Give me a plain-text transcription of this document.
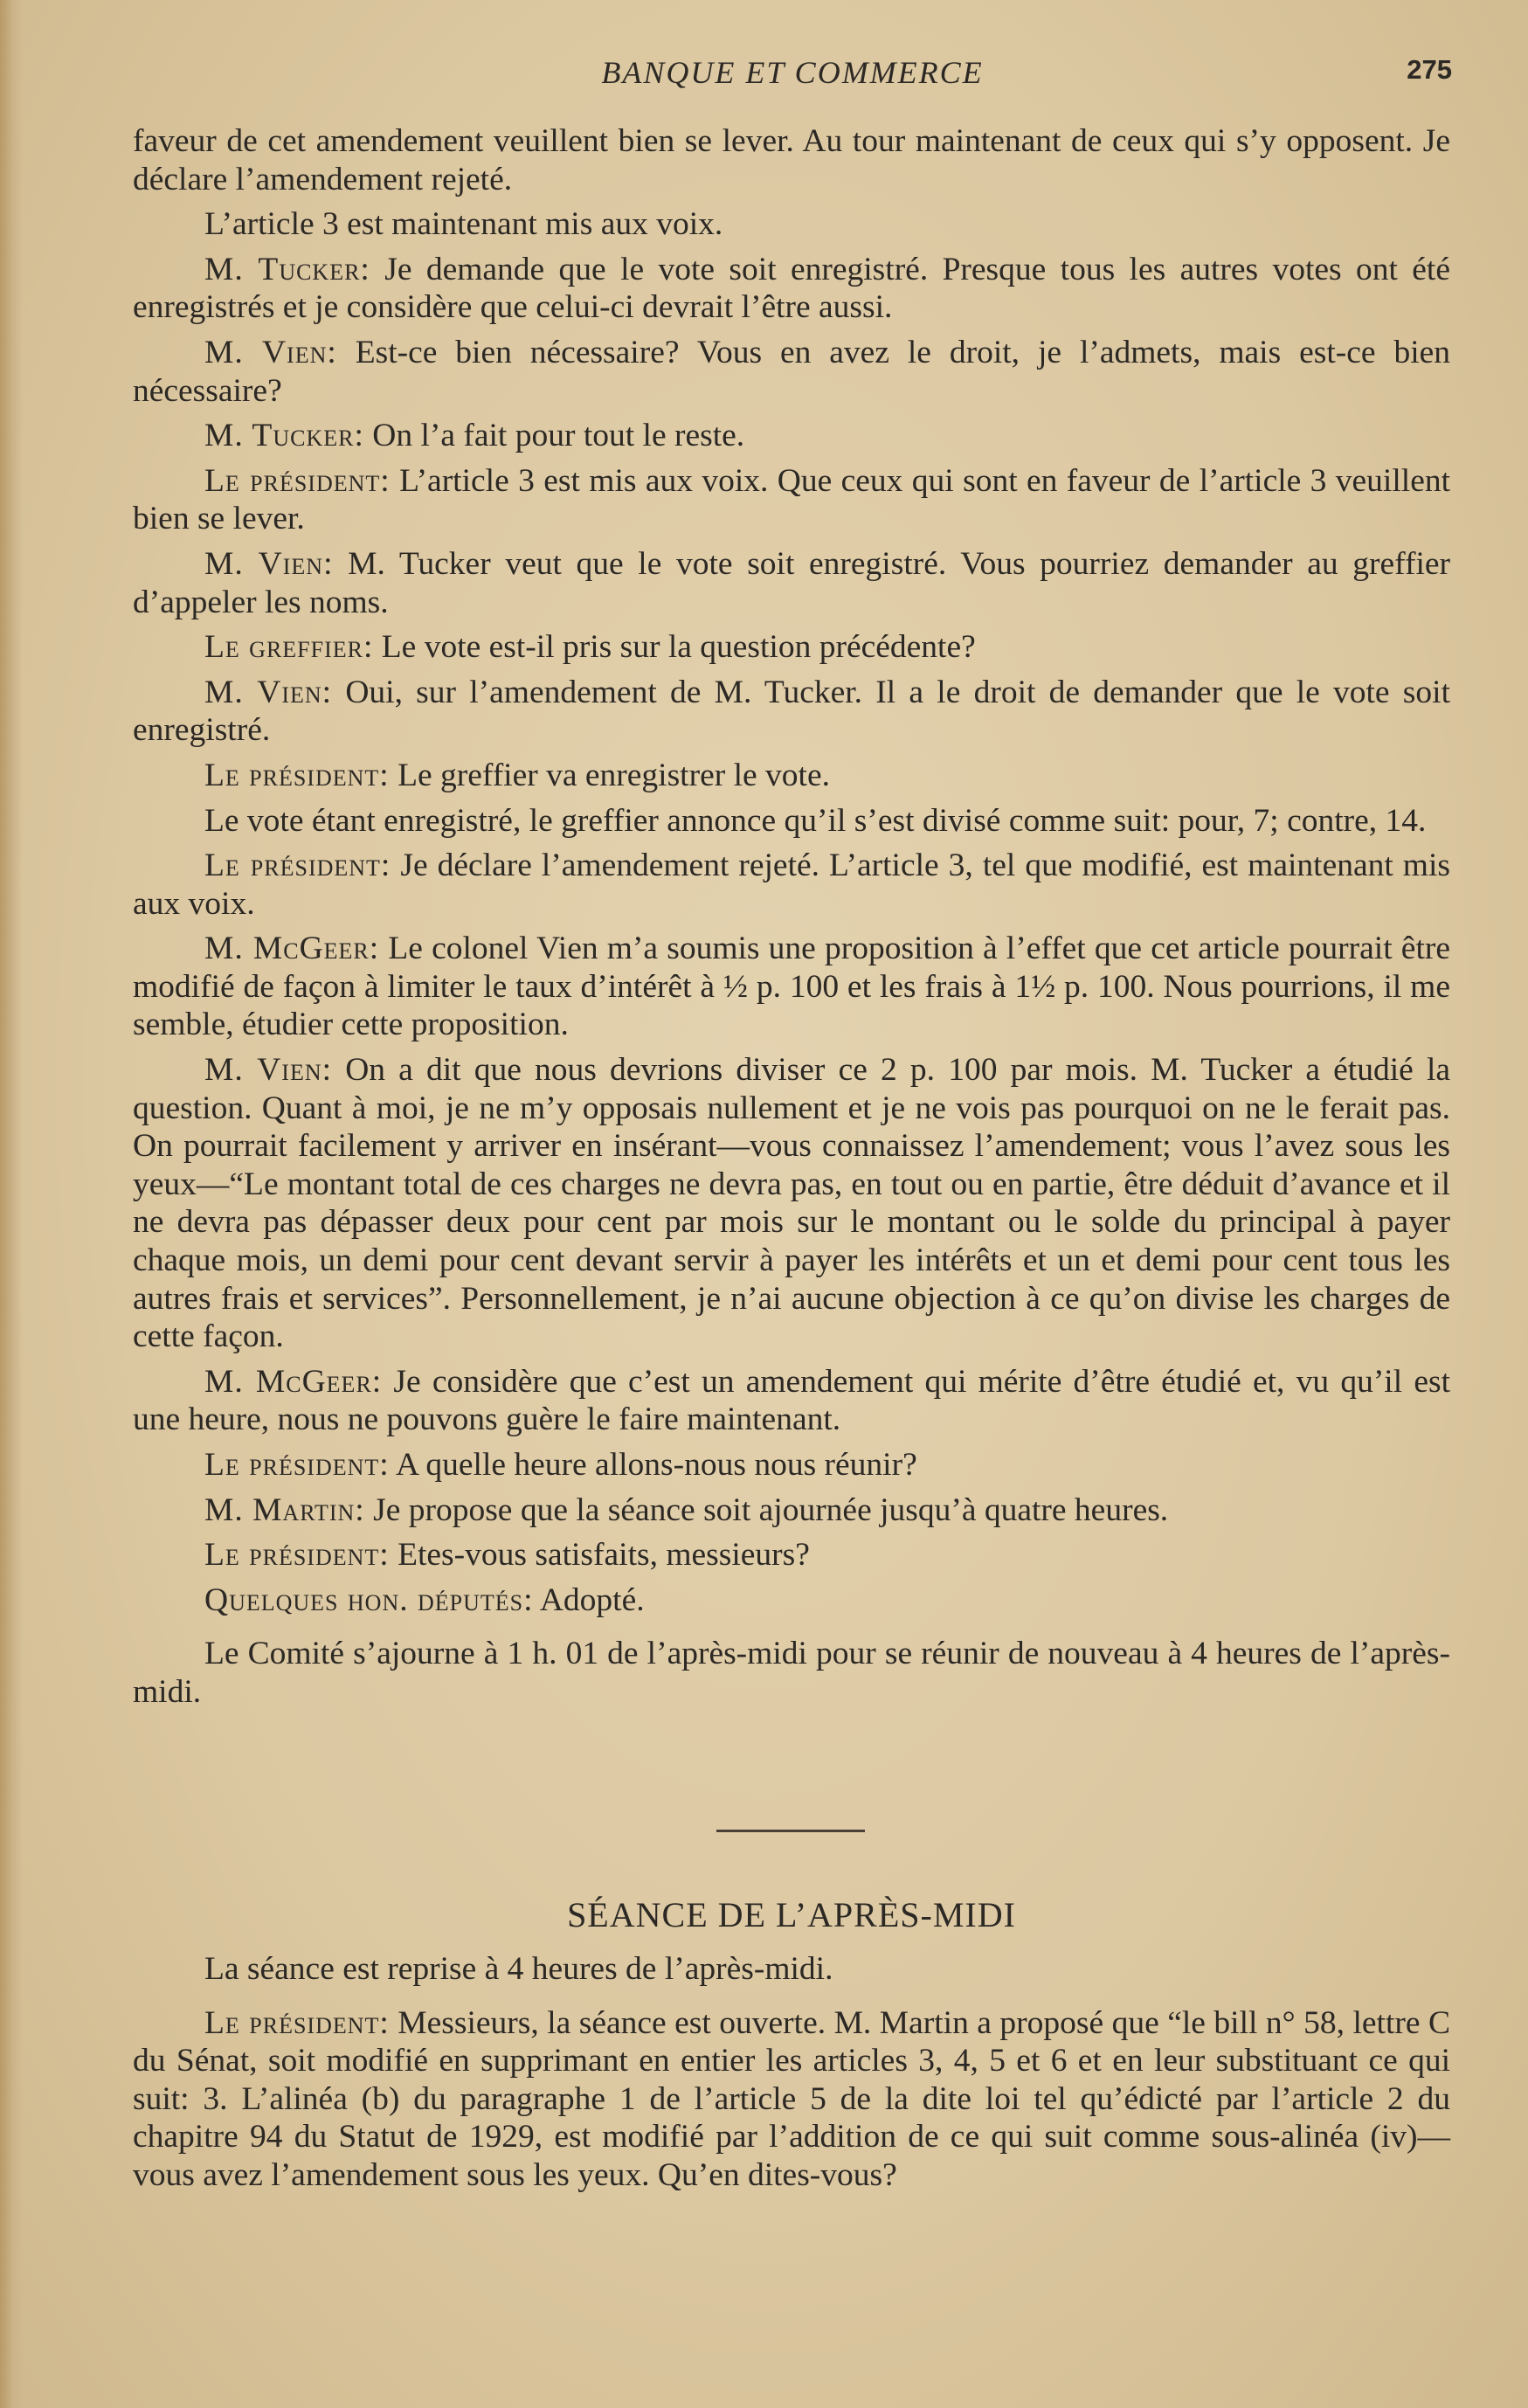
BANQUE ET COMMERCE	275

faveur de cet amendement veuillent bien se lever. Au tour maintenant de ceux qui s’y opposent. Je déclare l’amendement rejeté.

L’article 3 est maintenant mis aux voix.

M. Tucker: Je demande que le vote soit enregistré. Presque tous les autres votes ont été enregistrés et je considère que celui-ci devrait l’être aussi.

M. Vien: Est-ce bien nécessaire? Vous en avez le droit, je l’admets, mais est-ce bien nécessaire?

M. Tucker: On l’a fait pour tout le reste.

Le président: L’article 3 est mis aux voix. Que ceux qui sont en faveur de l’article 3 veuillent bien se lever.

M. Vien: M. Tucker veut que le vote soit enregistré. Vous pourriez demander au greffier d’appeler les noms.

Le greffier: Le vote est-il pris sur la question précédente?

M. Vien: Oui, sur l’amendement de M. Tucker. Il a le droit de demander que le vote soit enregistré.

Le président: Le greffier va enregistrer le vote.

Le vote étant enregistré, le greffier annonce qu’il s’est divisé comme suit: pour, 7; contre, 14.

Le président: Je déclare l’amendement rejeté. L’article 3, tel que modifié, est maintenant mis aux voix.

M. McGeer: Le colonel Vien m’a soumis une proposition à l’effet que cet article pourrait être modifié de façon à limiter le taux d’intérêt à ½ p. 100 et les frais à 1½ p. 100. Nous pourrions, il me semble, étudier cette proposition.

M. Vien: On a dit que nous devrions diviser ce 2 p. 100 par mois. M. Tucker a étudié la question. Quant à moi, je ne m’y opposais nullement et je ne vois pas pourquoi on ne le ferait pas. On pourrait facilement y arriver en insérant—vous connaissez l’amendement; vous l’avez sous les yeux—“Le montant total de ces charges ne devra pas, en tout ou en partie, être déduit d’avance et il ne devra pas dépasser deux pour cent par mois sur le montant ou le solde du principal à payer chaque mois, un demi pour cent devant servir à payer les intérêts et un et demi pour cent tous les autres frais et services”. Personnellement, je n’ai aucune objection à ce qu’on divise les charges de cette façon.

M. McGeer: Je considère que c’est un amendement qui mérite d’être étudié et, vu qu’il est une heure, nous ne pouvons guère le faire maintenant.

Le président: A quelle heure allons-nous nous réunir?

M. Martin: Je propose que la séance soit ajournée jusqu’à quatre heures.

Le président: Etes-vous satisfaits, messieurs?

Quelques hon. députés: Adopté.

Le Comité s’ajourne à 1 h. 01 de l’après-midi pour se réunir de nouveau à 4 heures de l’après-midi.

SÉANCE DE L’APRÈS-MIDI

La séance est reprise à 4 heures de l’après-midi.

Le président: Messieurs, la séance est ouverte. M. Martin a proposé que “le bill n° 58, lettre C du Sénat, soit modifié en supprimant en entier les articles 3, 4, 5 et 6 et en leur substituant ce qui suit: 3. L’alinéa (b) du paragraphe 1 de l’article 5 de la dite loi tel qu’édicté par l’article 2 du chapitre 94 du Statut de 1929, est modifié par l’addition de ce qui suit comme sous-alinéa (iv)—vous avez l’amendement sous les yeux. Qu’en dites-vous?
